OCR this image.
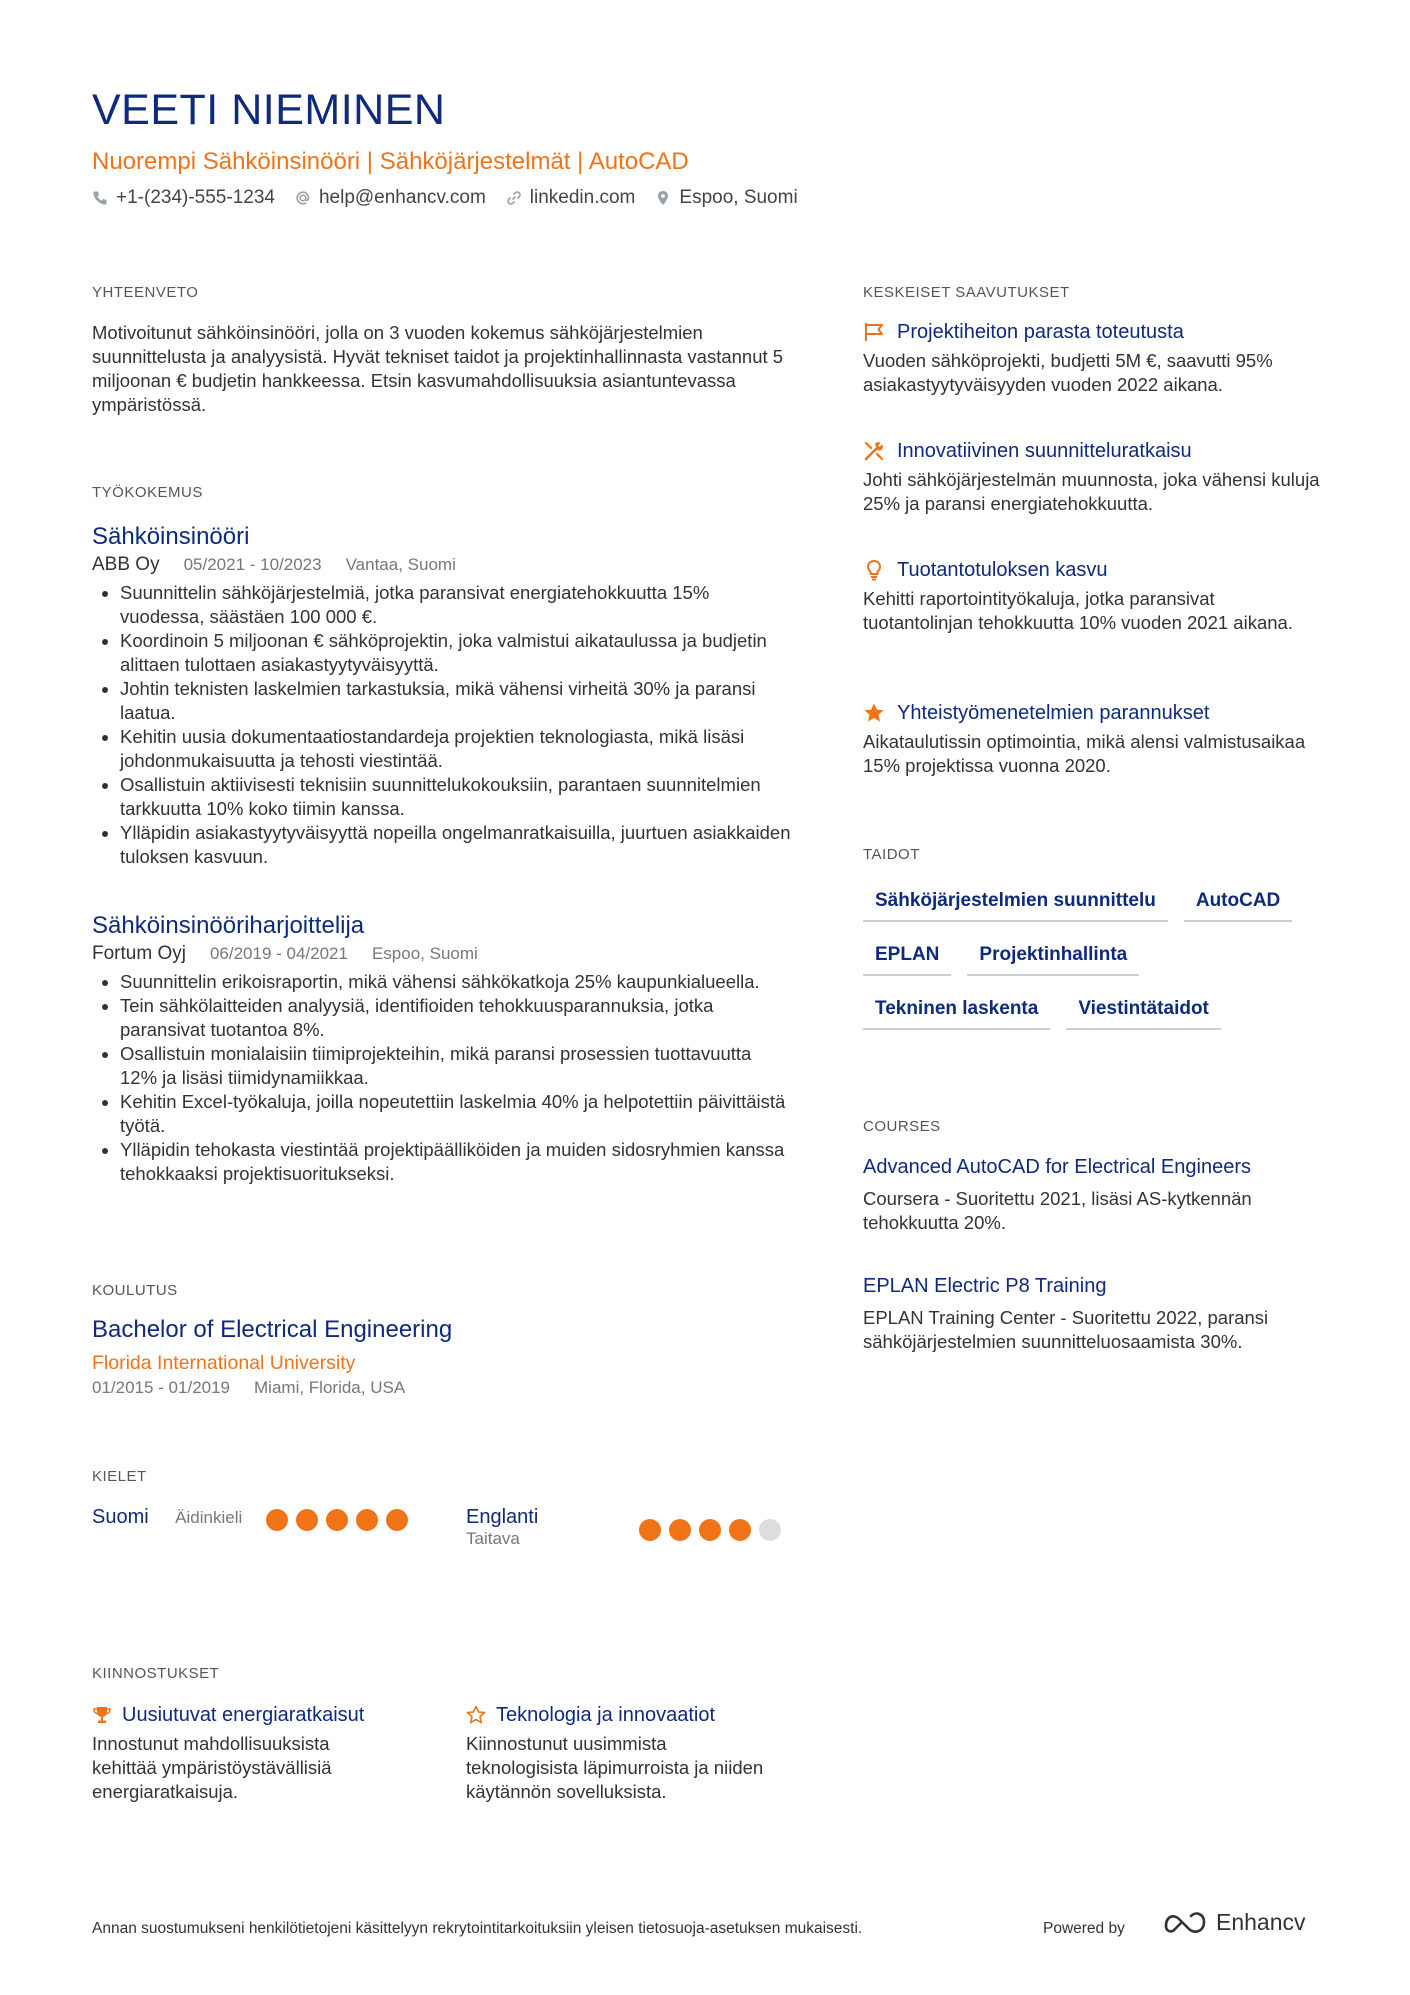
VEETI NIEMINEN
Nuorempi Sähköinsinööri | Sähköjärjestelmät | AutoCAD
+1-(234)-555-1234 help@enhancv.com linkedin.com Espoo, Suomi
YHTEENVETO
Motivoitunut sähköinsinööri, jolla on 3 vuoden kokemus sähköjärjestelmien suunnittelusta ja analyysistä. Hyvät tekniset taidot ja projektinhallinnasta vastannut 5 miljoonan € budjetin hankkeessa. Etsin kasvumahdollisuuksia asiantuntevassa ympäristössä.
TYÖKOKEMUS
Sähköinsinööri
ABB Oy 05/2021 - 10/2023 Vantaa, Suomi
• Suunnittelin sähköjärjestelmiä, jotka paransivat energiatehokkuutta 15% vuodessa, säästäen 100 000 €.
• Koordinoin 5 miljoonan € sähköprojektin, joka valmistui aikataulussa ja budjetin alittaen tulottaen asiakastyytyväisyyttä.
• Johtin teknisten laskelmien tarkastuksia, mikä vähensi virheitä 30% ja paransi laatua.
• Kehitin uusia dokumentaatiostandardeja projektien teknologiasta, mikä lisäsi johdonmukaisuutta ja tehosti viestintää.
• Osallistuin aktiivisesti teknisiin suunnittelukokouksiin, parantaen suunnitelmien tarkkuutta 10% koko tiimin kanssa.
• Ylläpidin asiakastyytyväisyyttä nopeilla ongelmanratkaisuilla, juurtuen asiakkaiden tuloksen kasvuun.
Sähköinsinööriharjoittelija
Fortum Oyj 06/2019 - 04/2021 Espoo, Suomi
• Suunnittelin erikoisraportin, mikä vähensi sähkökatkoja 25% kaupunkialueella.
• Tein sähkölaitteiden analyysiä, identifioiden tehokkuusparannuksia, jotka paransivat tuotantoa 8%.
• Osallistuin monialaisiin tiimiprojekteihin, mikä paransi prosessien tuottavuutta 12% ja lisäsi tiimidynamiikkaa.
• Kehitin Excel-työkaluja, joilla nopeutettiin laskelmia 40% ja helpotettiin päivittäistä työtä.
• Ylläpidin tehokasta viestintää projektipäälliköiden ja muiden sidosryhmien kanssa tehokkaaksi projektisuoritukseksi.
KOULUTUS
Bachelor of Electrical Engineering
Florida International University
01/2015 - 01/2019 Miami, Florida, USA
KIELET
Suomi Äidinkieli	Englanti
Taitava
KIINNOSTUKSET
Uusiutuvat energiaratkaisut
Innostunut mahdollisuuksista kehittää ympäristöystävällisiä energiaratkaisuja.
Teknologia ja innovaatiot
Kiinnostunut uusimmista teknologisista läpimurroista ja niiden käytännön sovelluksista.
KESKEISET SAAVUTUKSET
Projektiheiton parasta toteutusta
Vuoden sähköprojekti, budjetti 5M €, saavutti 95% asiakastyytyväisyyden vuoden 2022 aikana.
Innovatiivinen suunnitteluratkaisu
Johti sähköjärjestelmän muunnosta, joka vähensi kuluja 25% ja paransi energiatehokkuutta.
Tuotantotuloksen kasvu
Kehitti raportointityökaluja, jotka paransivat tuotantolinjan tehokkuutta 10% vuoden 2021 aikana.
Yhteistyömenetelmien parannukset
Aikataulutissin optimointia, mikä alensi valmistusaikaa 15% projektissa vuonna 2020.
TAIDOT
Sähköjärjestelmien suunnittelu	AutoCAD
EPLAN	Projektinhallinta
Tekninen laskenta	Viestintätaidot
COURSES
Advanced AutoCAD for Electrical Engineers
Coursera - Suoritettu 2021, lisäsi AS-kytkennän tehokkuutta 20%.
EPLAN Electric P8 Training
EPLAN Training Center - Suoritettu 2022, paransi sähköjärjestelmien suunnitteluosaamista 30%.
Annan suostumukseni henkilötietojeni käsittelyyn rekrytointitarkoituksiin yleisen tietosuoja-asetuksen mukaisesti.	Powered by	Enhancv
